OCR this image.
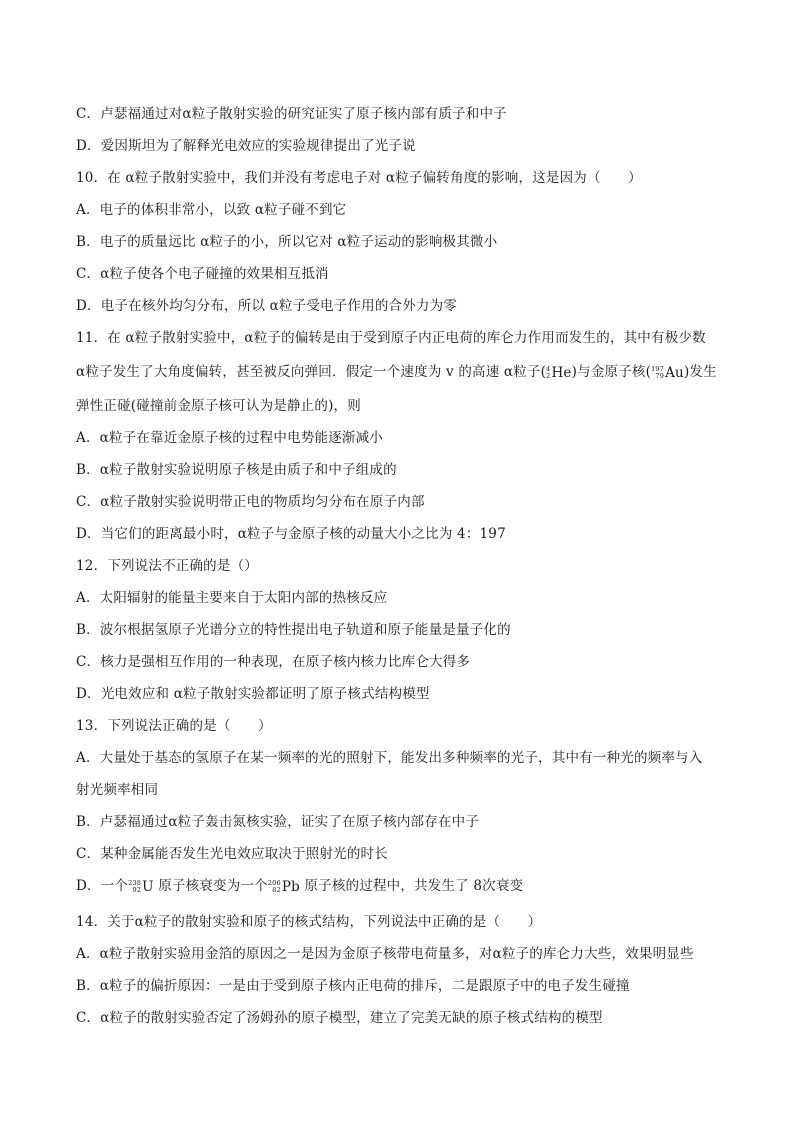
C．卢瑟福通过对α粒子散射实验的研究证实了原子核内部有质子和中子
D．爱因斯坦为了解释光电效应的实验规律提出了光子说
10．在 α粒子散射实验中，我们并没有考虑电子对 α粒子偏转角度的影响，这是因为（　　）
A．电子的体积非常小，以致 α粒子碰不到它
B．电子的质量远比 α粒子的小，所以它对 α粒子运动的影响极其微小
C．α粒子使各个电子碰撞的效果相互抵消
D．电子在核外均匀分布，所以 α粒子受电子作用的合外力为零
11．在 α粒子散射实验中，α粒子的偏转是由于受到原子内正电荷的库仑力作用而发生的，其中有极少数
α粒子发生了大角度偏转，甚至被反向弹回．假定一个速度为 v 的高速 α粒子( 4
2 He )与金原子核( 197
79 Au )发生
弹性正碰(碰撞前金原子核可认为是静止的)，则
A．α粒子在靠近金原子核的过程中电势能逐渐减小
B．α粒子散射实验说明原子核是由质子和中子组成的
C．α粒子散射实验说明带正电的物质均匀分布在原子内部
D．当它们的距离最小时，α粒子与金原子核的动量大小之比为 4：197
12．下列说法不正确的是（）
A．太阳辐射的能量主要来自于太阳内部的热核反应
B．波尔根据氢原子光谱分立的特性提出电子轨道和原子能量是量子化的
C．核力是强相互作用的一种表现，在原子核内核力比库仑大得多
D．光电效应和 α粒子散射实验都证明了原子核式结构模型
13．下列说法正确的是（　　）
A．大量处于基态的氢原子在某一频率的光的照射下，能发出多种频率的光子，其中有一种光的频率与入
射光频率相同
B．卢瑟福通过α粒子轰击氮核实验，证实了在原子核内部存在中子
C．某种金属能否发生光电效应取决于照射光的时长
D．一个 238
92 U 原子核衰变为一个 206
82 Pb 原子核的过程中，共发生了 8次衰变
14．关于α粒子的散射实验和原子的核式结构，下列说法中正确的是（　　）
A．α粒子散射实验用金箔的原因之一是因为金原子核带电荷量多，对α粒子的库仑力大些，效果明显些
B．α粒子的偏折原因：一是由于受到原子核内正电荷的排斥，二是跟原子中的电子发生碰撞
C．α粒子的散射实验否定了汤姆孙的原子模型，建立了完美无缺的原子核式结构的模型
